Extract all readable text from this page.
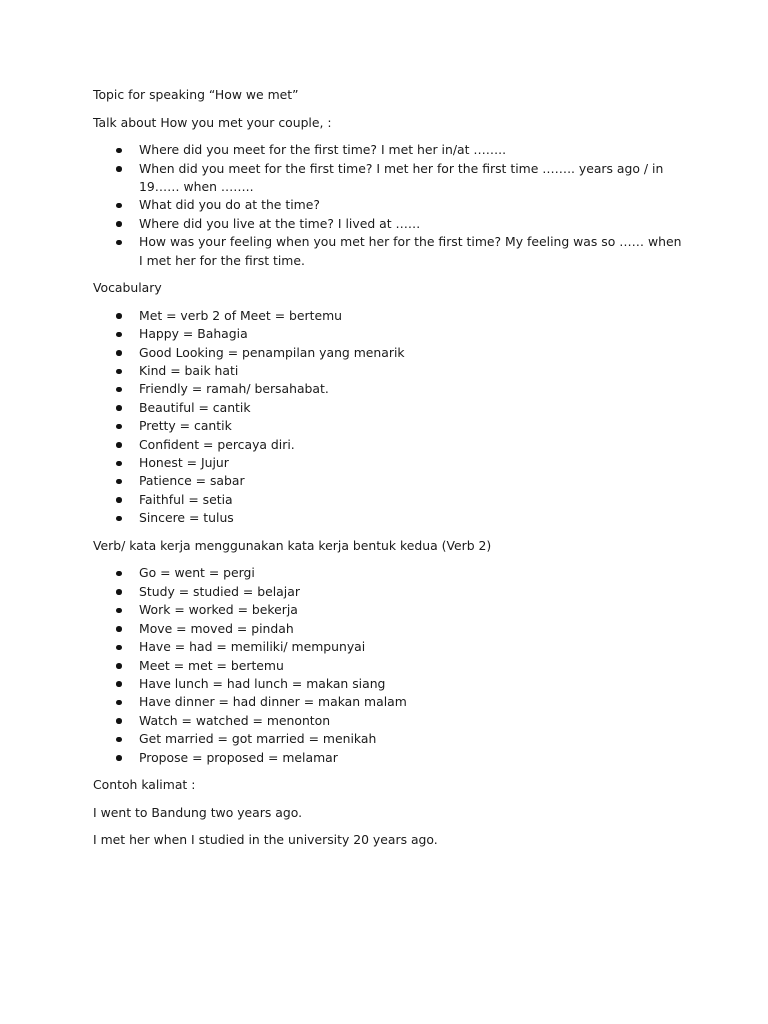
Topic for speaking “How we met”

Talk about How you met your couple, :

Where did you meet for the first time? I met her in/at ……..
When did you meet for the first time? I met her for the first time …….. years ago / in 19…… when ……..
What did you do at the time?
Where did you live at the time? I lived at ……
How was your feeling when you met her for the first time? My feeling was so …… when I met her for the first time.

Vocabulary

Met = verb 2 of Meet = bertemu
Happy = Bahagia
Good Looking = penampilan yang menarik
Kind = baik hati
Friendly = ramah/ bersahabat.
Beautiful = cantik
Pretty = cantik
Confident = percaya diri.
Honest = Jujur
Patience = sabar
Faithful = setia
Sincere = tulus

Verb/ kata kerja menggunakan kata kerja bentuk kedua (Verb 2)

Go = went = pergi
Study = studied = belajar
Work = worked = bekerja
Move = moved = pindah
Have = had = memiliki/ mempunyai
Meet = met = bertemu
Have lunch = had lunch = makan siang
Have dinner = had dinner = makan malam
Watch = watched = menonton
Get married = got married = menikah
Propose = proposed = melamar

Contoh kalimat :

I went to Bandung two years ago.

I met her when I studied in the university 20 years ago.
